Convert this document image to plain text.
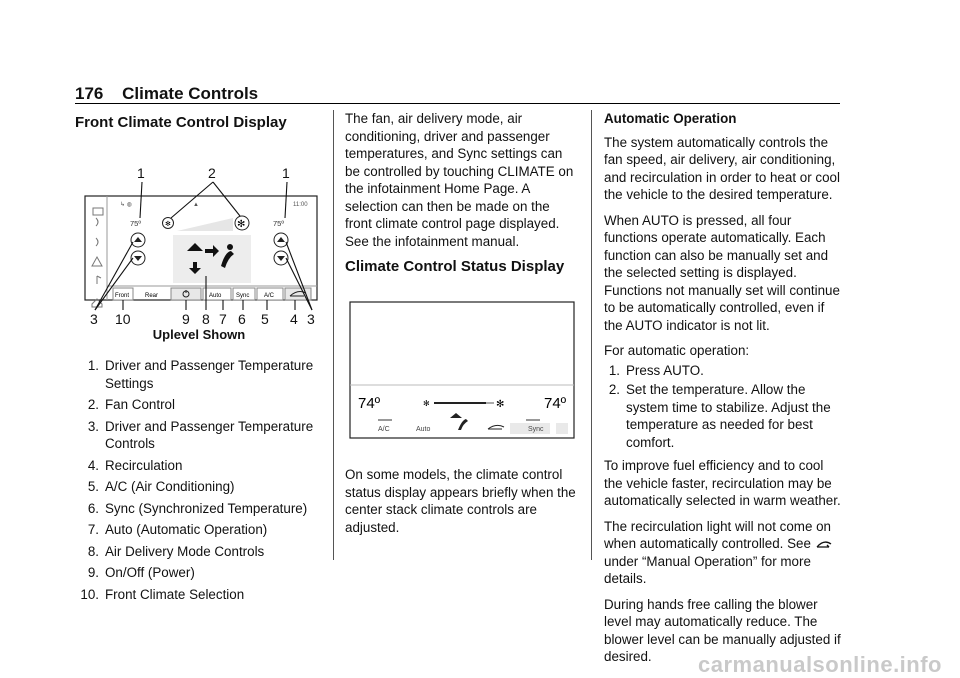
176 Climate Controls
Front Climate Control Display
↳ ◍	▲	11:00
75º	75º
✻	✻
Front	Rear	Auto Sync A/C
1	2	1
3 10	9 8 7 6 5 4 3
Uplevel Shown
1. Driver and Passenger Temperature Settings
2. Fan Control
3. Driver and Passenger Temperature Controls
4. Recirculation
5. A/C (Air Conditioning)
6. Sync (Synchronized Temperature)
7. Auto (Automatic Operation)
8. Air Delivery Mode Controls
9. On/Off (Power)
10. Front Climate Selection

The fan, air delivery mode, air conditioning, driver and passenger temperatures, and Sync settings can be controlled by touching CLIMATE on the infotainment Home Page. A selection can then be made on the front climate control page displayed. See the infotainment manual.

Climate Control Status Display
74º	74º
✻	✻
A/C	Auto	Sync

On some models, the climate control status display appears briefly when the center stack climate controls are adjusted.

Automatic Operation

The system automatically controls the fan speed, air delivery, air conditioning, and recirculation in order to heat or cool the vehicle to the desired temperature.

When AUTO is pressed, all four functions operate automatically. Each function can also be manually set and the selected setting is displayed. Functions not manually set will continue to be automatically controlled, even if the AUTO indicator is not lit.

For automatic operation:

1. Press AUTO.
2. Set the temperature. Allow the system time to stabilize. Adjust the temperature as needed for best comfort.

To improve fuel efficiency and to cool the vehicle faster, recirculation may be automatically selected in warm weather.

The recirculation light will not come on when automatically controlled. See  under “Manual Operation” for more details.

During hands free calling the blower level may automatically reduce. The blower level can be manually adjusted if desired.	carmanualsonline.info
